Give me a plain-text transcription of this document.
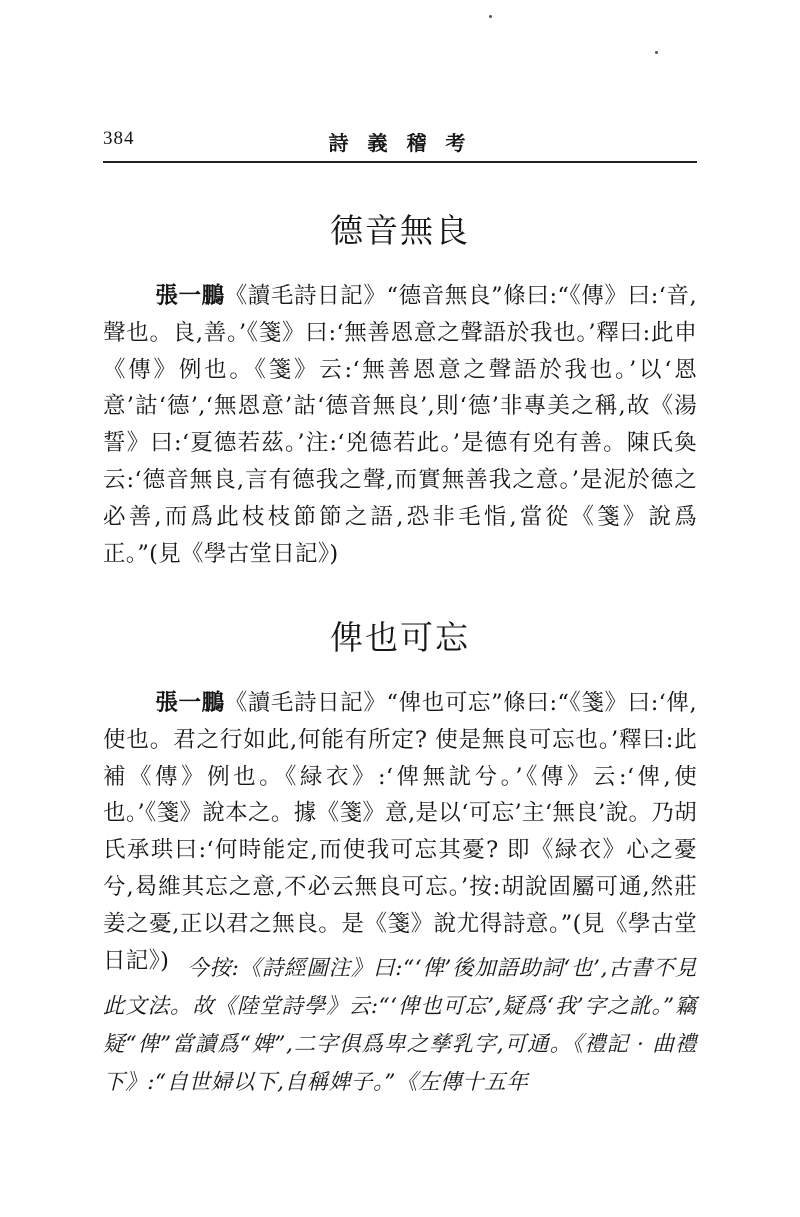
384	詩 義 稽 考
德音無良

張一鵬《讀毛詩日記》“德音無良”條曰:“《傳》曰:‘音,聲也。良,善。’《箋》曰:‘無善恩意之聲語於我也。’釋曰:此申《傳》例也。《箋》云:‘無善恩意之聲語於我也。’以‘恩意’詁‘德’,‘無恩意’詁‘德音無良’,則‘德’非專美之稱,故《湯誓》曰:‘夏德若茲。’注:‘兇德若此。’是德有兇有善。陳氏奐云:‘德音無良,言有德我之聲,而實無善我之意。’是泥於德之必善,而爲此枝枝節節之語,恐非毛恉,當從《箋》說爲正。”(見《學古堂日記》)

俾也可忘

張一鵬《讀毛詩日記》“俾也可忘”條曰:“《箋》曰:‘俾,使也。君之行如此,何能有所定? 使是無良可忘也。’釋曰:此補《傳》例也。《緑衣》:‘俾無訧兮。’《傳》云:‘俾,使也。’《箋》說本之。據《箋》意,是以‘可忘’主‘無良’說。乃胡氏承珙曰:‘何時能定,而使我可忘其憂? 即《緑衣》心之憂兮,曷維其忘之意,不必云無良可忘。’按:胡說固屬可通,然莊姜之憂,正以君之無良。是《箋》說尤得詩意。”(見《學古堂日記》) 今按:《詩經圖注》曰:“‘俾’後加語助詞‘也’,古書不見此文法。故《陸堂詩學》云:“‘俾也可忘’,疑爲‘我’字之訛。”竊疑“俾”當讀爲“婢”,二字俱爲卑之孳乳字,可通。《禮記 · 曲禮下》:“自世婦以下,自稱婢子。”《左傳十五年
